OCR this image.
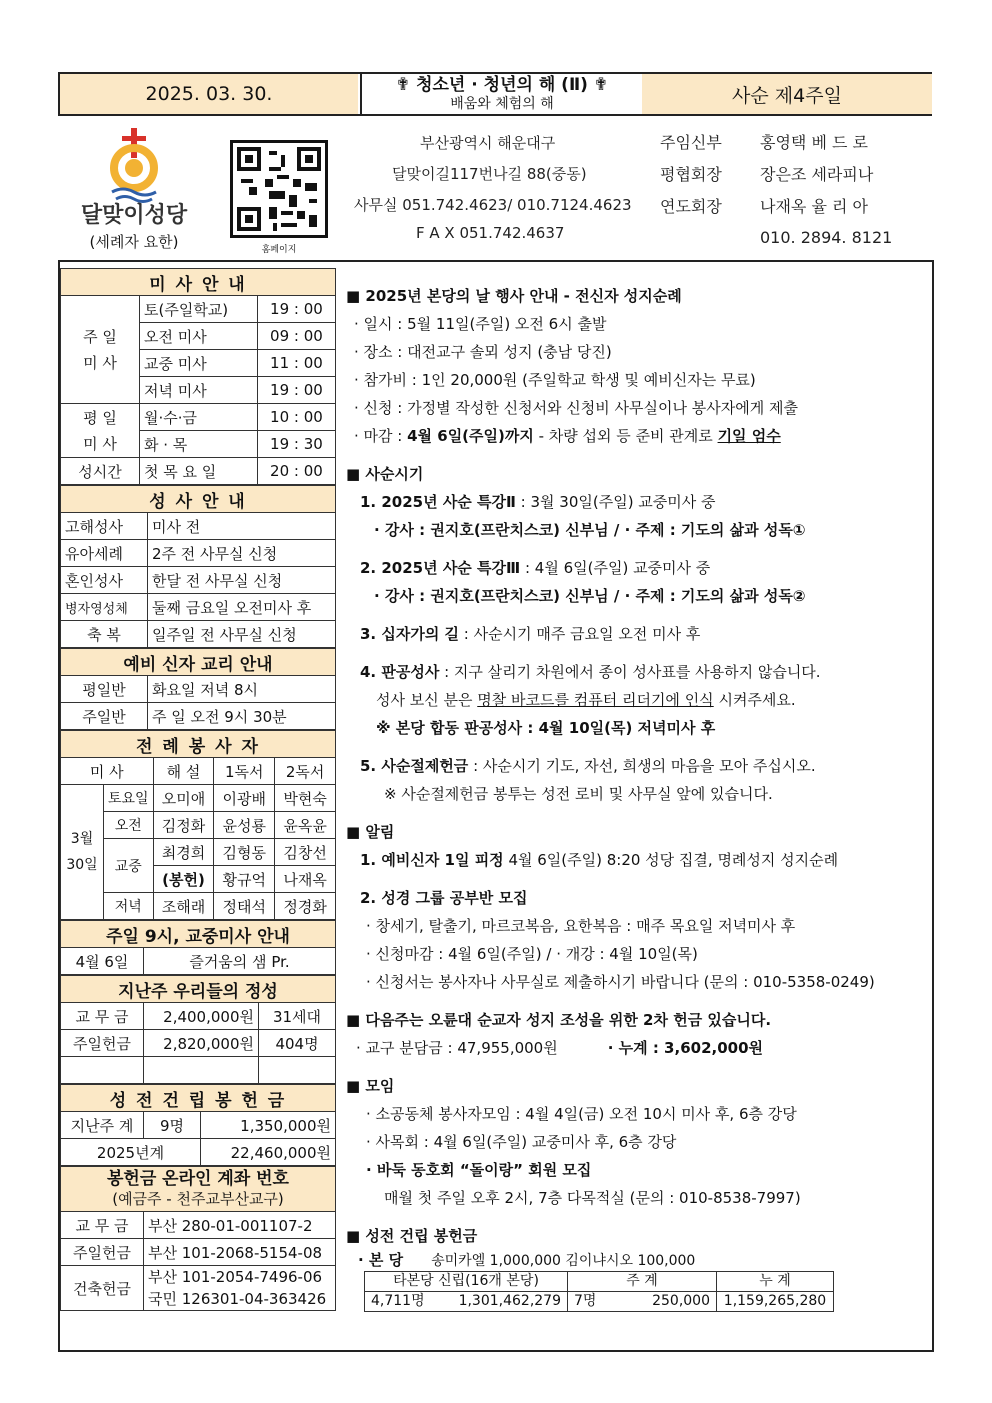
2025. 03. 30.	✟ 청소년 · 청년의 해 (Ⅱ) ✟
배움와 체험의 해	사순 제4주일
달맞이성당
(세례자 요한)	홈페이지
부산광역시 해운대구
달맞이길117번나길 88(중동)
사무실 051.742.4623/ 010.7124.4623
F A X 051.742.4637
주임신부 홍영택 베 드 로
평협회장 장은조 세라피나
연도회장 나재옥 율 리 아
010. 2894. 8121
미 사 안 내		
주 일
미 사	토(주일학교)	19 : 00
	오전 미사	09 : 00
	교중 미사	11 : 00
	저녁 미사	19 : 00
평 일
미 사	월·수·금	10 : 00
	화 · 목	19 : 30
성시간	첫 목 요 일	20 : 00
성 사 안 내	
고해성사	미사 전
유아세례	2주 전 사무실 신청
혼인성사	한달 전 사무실 신청
병자영성체	둘째 금요일 오전미사 후
축 복	일주일 전 사무실 신청
예비 신자 교리 안내	
평일반	화요일 저녁 8시
주일반	주 일 오전 9시 30분
전 례 봉 사 자				
미 사		해 설	1독서	2독서
3월
30일	토요일	오미애	이광배	박현숙
	오전	김정화	윤성룡	윤옥윤
	교중	최경희	김형동	김창선
		(봉헌)	황규억	나재옥
	저녁	조해래	정태석	정경화
주일 9시, 교중미사 안내
4월 6일	즐거움의 샘 Pr.
지난주 우리들의 정성		
교 무 금	2,400,000원	31세대
주일헌금	2,820,000원	404명

성 전 건 립 봉 헌 금		
지난주 계	9명	1,350,000원
2025년계		22,460,000원
봉헌금 온라인 계좌 번호
(예금주 - 천주교부산교구)	

교 무 금	부산 280-01-001107-2
주일헌금	부산 101-2068-5154-08
건축헌금	부산 101-2054-7496-06
국민 126301-04-363426
■ 2025년 본당의 날 행사 안내 - 전신자 성지순례
· 일시 : 5월 11일(주일) 오전 6시 출발
· 장소 : 대전교구 솔뫼 성지 (충남 당진)
· 참가비 : 1인 20,000원 (주일학교 학생 및 예비신자는 무료)
· 신청 : 가정별 작성한 신청서와 신청비 사무실이나 봉사자에게 제출
· 마감 : 4월 6일(주일)까지 - 차량 섭외 등 준비 관계로 기일 엄수
■ 사순시기
1. 2025년 사순 특강Ⅱ : 3월 30일(주일) 교중미사 중
· 강사 : 권지호(프란치스코) 신부님 / · 주제 : 기도의 삶과 성독①
2. 2025년 사순 특강Ⅲ : 4월 6일(주일) 교중미사 중
· 강사 : 권지호(프란치스코) 신부님 / · 주제 : 기도의 삶과 성독②
3. 십자가의 길 : 사순시기 매주 금요일 오전 미사 후
4. 판공성사 : 지구 살리기 차원에서 종이 성사표를 사용하지 않습니다.
성사 보신 분은 명찰 바코드를 컴퓨터 리더기에 인식 시켜주세요.
※ 본당 합동 판공성사 : 4월 10일(목) 저녁미사 후
5. 사순절제헌금 : 사순시기 기도, 자선, 희생의 마음을 모아 주십시오.
※ 사순절제헌금 봉투는 성전 로비 및 사무실 앞에 있습니다.
■ 알림
1. 예비신자 1일 피정 4월 6일(주일) 8:20 성당 집결, 명례성지 성지순례
2. 성경 그룹 공부반 모집
· 창세기, 탈출기, 마르코복음, 요한복음 : 매주 목요일 저녁미사 후
· 신청마감 : 4월 6일(주일) / · 개강 : 4월 10일(목)
· 신청서는 봉사자나 사무실로 제출하시기 바랍니다 (문의 : 010-5358-0249)
■ 다음주는 오륜대 순교자 성지 조성을 위한 2차 헌금 있습니다.
· 교구 분담금 : 47,955,000원	· 누계 : 3,602,000원
■ 모임
· 소공동체 봉사자모임 : 4월 4일(금) 오전 10시 미사 후, 6층 강당
· 사목회 : 4월 6일(주일) 교중미사 후, 6층 강당
· 바둑 동호회 “돌이랑” 회원 모집
매월 첫 주일 오후 2시, 7층 다목적실 (문의 : 010-8538-7997)
■ 성전 건립 봉헌금
· 본 당 송미카엘 1,000,000 김이냐시오 100,000
타본당 신립(16개 본당)		주 계		누 계
4,711명	1,301,462,279	7명	250,000	1,159,265,280
